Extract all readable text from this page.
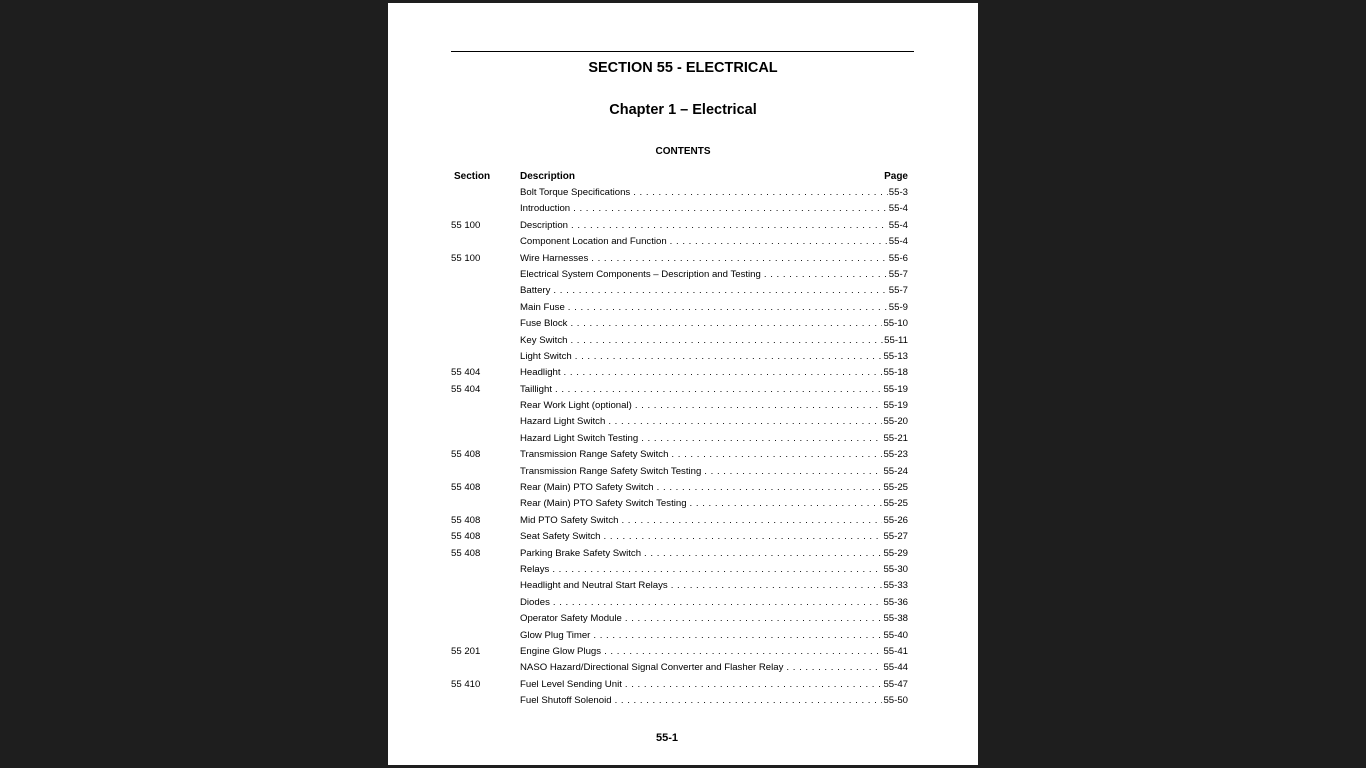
SECTION 55 - ELECTRICAL
Chapter 1 – Electrical
CONTENTS
Section	Description	Page
Bolt Torque Specifications . . .	55-3
Introduction . . .	55-4
55 100	Description . . .	55-4
Component Location and Function . . .	55-4
55 100	Wire Harnesses . . .	55-6
Electrical System Components – Description and Testing . . .	55-7
Battery . . .	55-7
Main Fuse . . .	55-9
Fuse Block . . .	55-10
Key Switch . . .	55-11
Light Switch . . .	55-13
55 404	Headlight . . .	55-18
55 404	Taillight . . .	55-19
Rear Work Light (optional) . . .	55-19
Hazard Light Switch . . .	55-20
Hazard Light Switch Testing . . .	55-21
55 408	Transmission Range Safety Switch . . .	55-23
Transmission Range Safety Switch Testing . . .	55-24
55 408	Rear (Main) PTO Safety Switch . . .	55-25
Rear (Main) PTO Safety Switch Testing . . .	55-25
55 408	Mid PTO Safety Switch . . .	55-26
55 408	Seat Safety Switch . . .	55-27
55 408	Parking Brake Safety Switch . . .	55-29
Relays . . .	55-30
Headlight and Neutral Start Relays . . .	55-33
Diodes . . .	55-36
Operator Safety Module . . .	55-38
Glow Plug Timer . . .	55-40
55 201	Engine Glow Plugs . . .	55-41
NASO Hazard/Directional Signal Converter and Flasher Relay . . .	55-44
55 410	Fuel Level Sending Unit . . .	55-47
Fuel Shutoff Solenoid . . .	55-50
55-1
